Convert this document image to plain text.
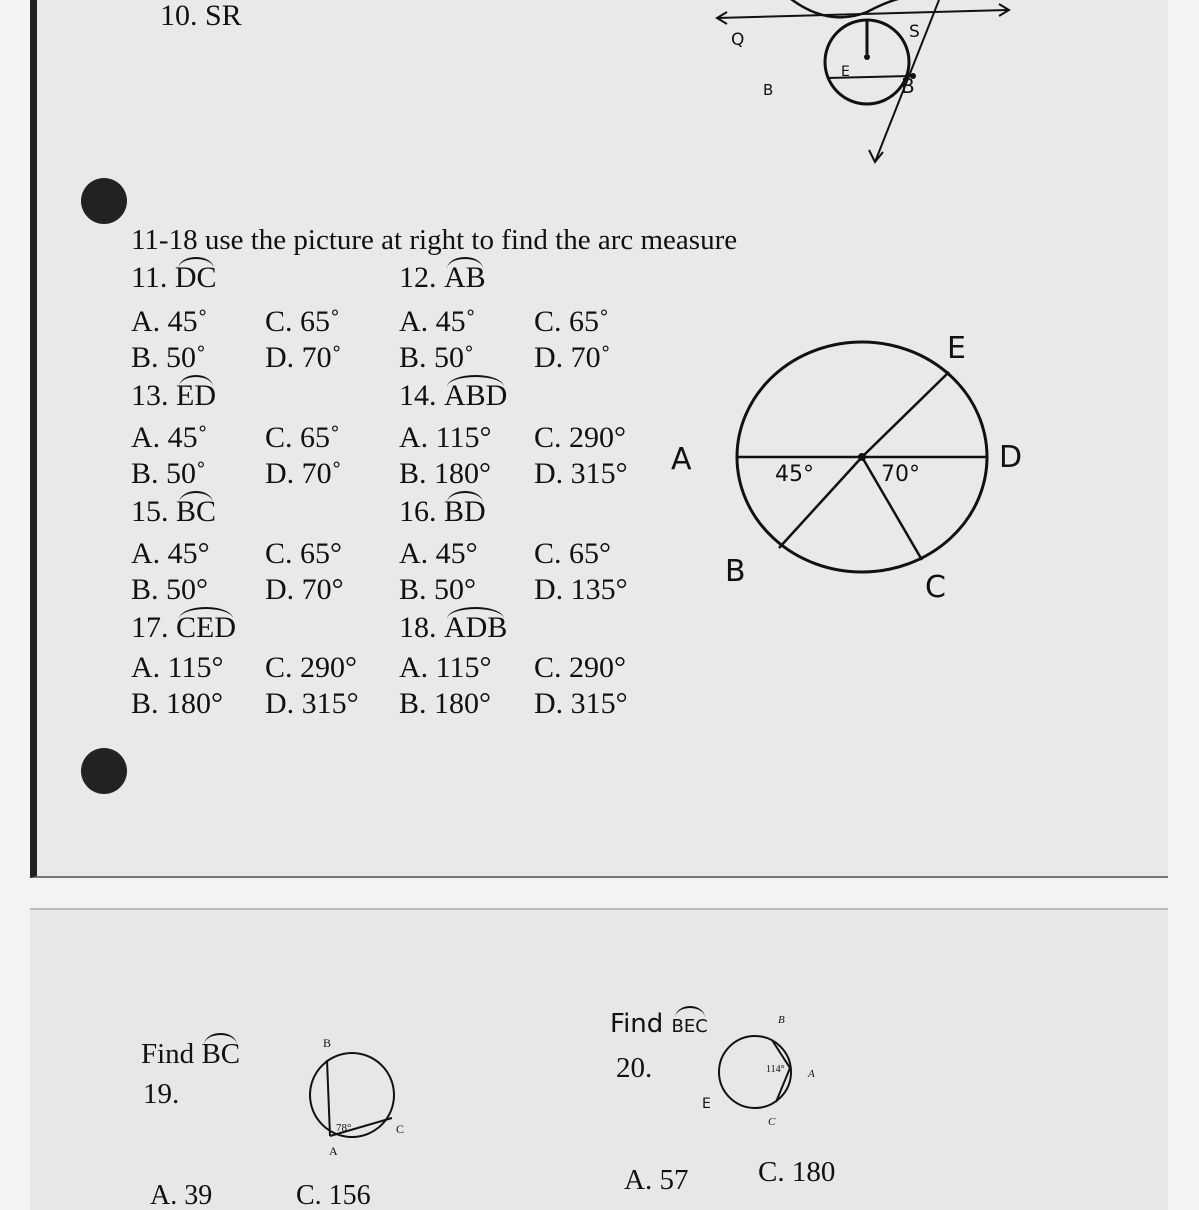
10. SR
Q	S
E
B	B
11-18 use the picture at right to find the arc measure
11. DC
A. 45˚ C. 65˚
B. 50˚ D. 70˚
12. AB
A. 45˚ C. 65˚
B. 50˚ D. 70˚
13. ED
A. 45˚ C. 65˚
B. 50˚ D. 70˚
14. ABD
A. 115° C. 290°
B. 180° D. 315°
15. BC
A. 45° C. 65°
B. 50° D. 70°
16. BD
A. 45° C. 65°
B. 50° D. 135°
17. CED
A. 115° C. 290°
B. 180° D. 315°
18. ADB
A. 115° C. 290°
B. 180° D. 315°
E
A	D
B	C
45°	70°
Find BC
19.
B
78°	C
A
Find BEC
20.
B
114° A
E
C
A. 39	C. 156	A. 57 C. 180
